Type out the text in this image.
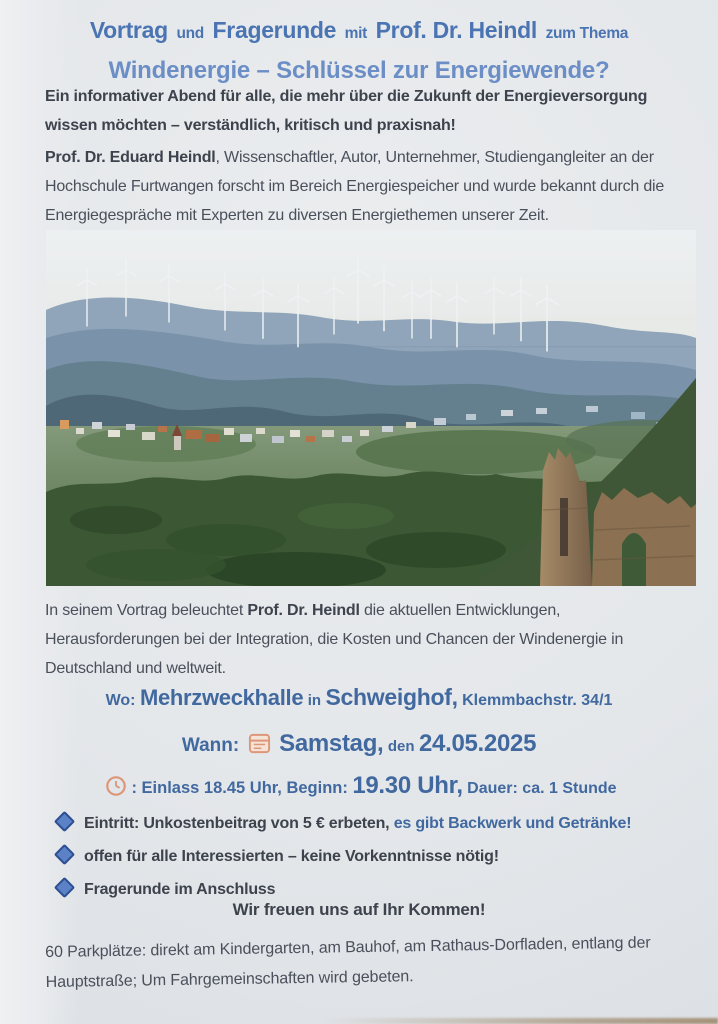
Vortrag und Fragerunde mit Prof. Dr. Heindl zum Thema
Windenergie – Schlüssel zur Energiewende?

Ein informativer Abend für alle, die mehr über die Zukunft der Energieversorgung wissen möchten – verständlich, kritisch und praxisnah!

Prof. Dr. Eduard Heindl, Wissenschaftler, Autor, Unternehmer, Studiengangleiter an der Hochschule Furtwangen forscht im Bereich Energiespeicher und wurde bekannt durch die Energiegespräche mit Experten zu diversen Energiethemen unserer Zeit.

In seinem Vortrag beleuchtet Prof. Dr. Heindl die aktuellen Entwicklungen, Herausforderungen bei der Integration, die Kosten und Chancen der Windenergie in Deutschland und weltweit.

Wo: Mehrzweckhalle in Schweighof, Klemmbachstr. 34/1
Wann: Samstag, den 24.05.2025
: Einlass 18.45 Uhr, Beginn: 19.30 Uhr, Dauer: ca. 1 Stunde
Eintritt: Unkostenbeitrag von 5 € erbeten, es gibt Backwerk und Getränke!
offen für alle Interessierten – keine Vorkenntnisse nötig!
Fragerunde im Anschluss

Wir freuen uns auf Ihr Kommen!

60 Parkplätze: direkt am Kindergarten, am Bauhof, am Rathaus-Dorfladen, entlang der Hauptstraße; Um Fahrgemeinschaften wird gebeten.
